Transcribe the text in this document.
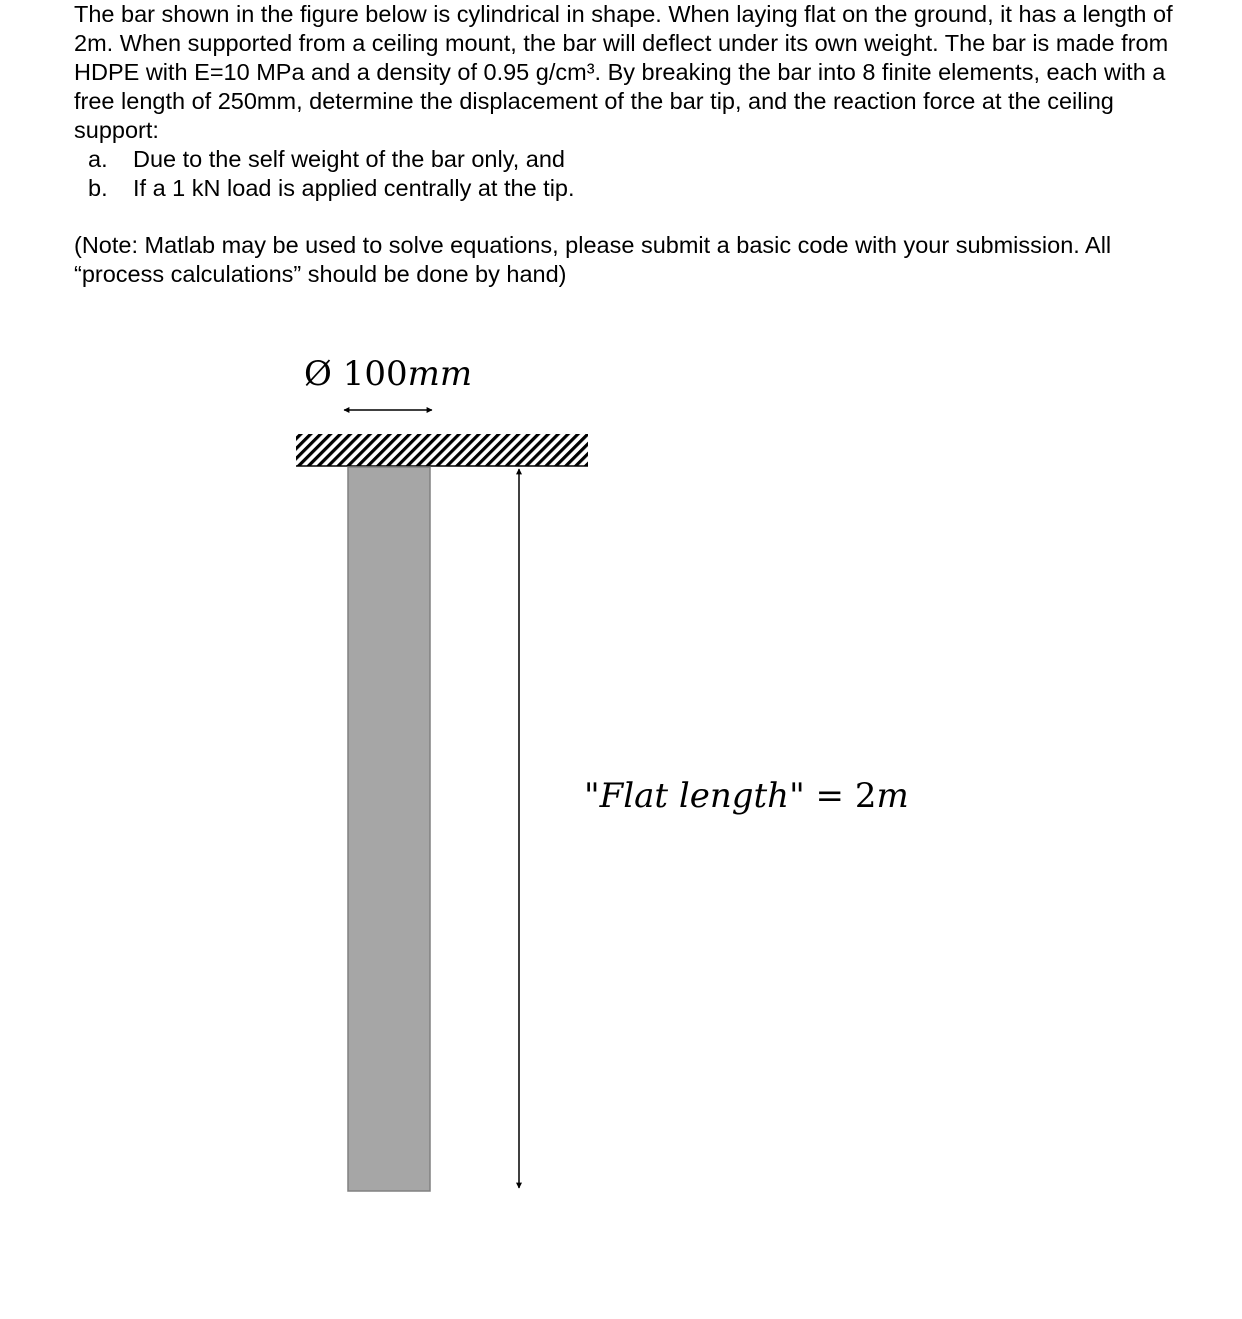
The bar shown in the figure below is cylindrical in shape. When laying flat on the ground, it has a length of 2m. When supported from a ceiling mount, the bar will deflect under its own weight. The bar is made from HDPE with E=10 MPa and a density of 0.95 g/cm³. By breaking the bar into 8 finite elements, each with a free length of 250mm, determine the displacement of the bar tip, and the reaction force at the ceiling support:

a. Due to the self weight of the bar only, and
b. If a 1 kN load is applied centrally at the tip.

(Note: Matlab may be used to solve equations, please submit a basic code with your submission. All “process calculations” should be done by hand)

Ø 100mm
"Flat length" = 2m
